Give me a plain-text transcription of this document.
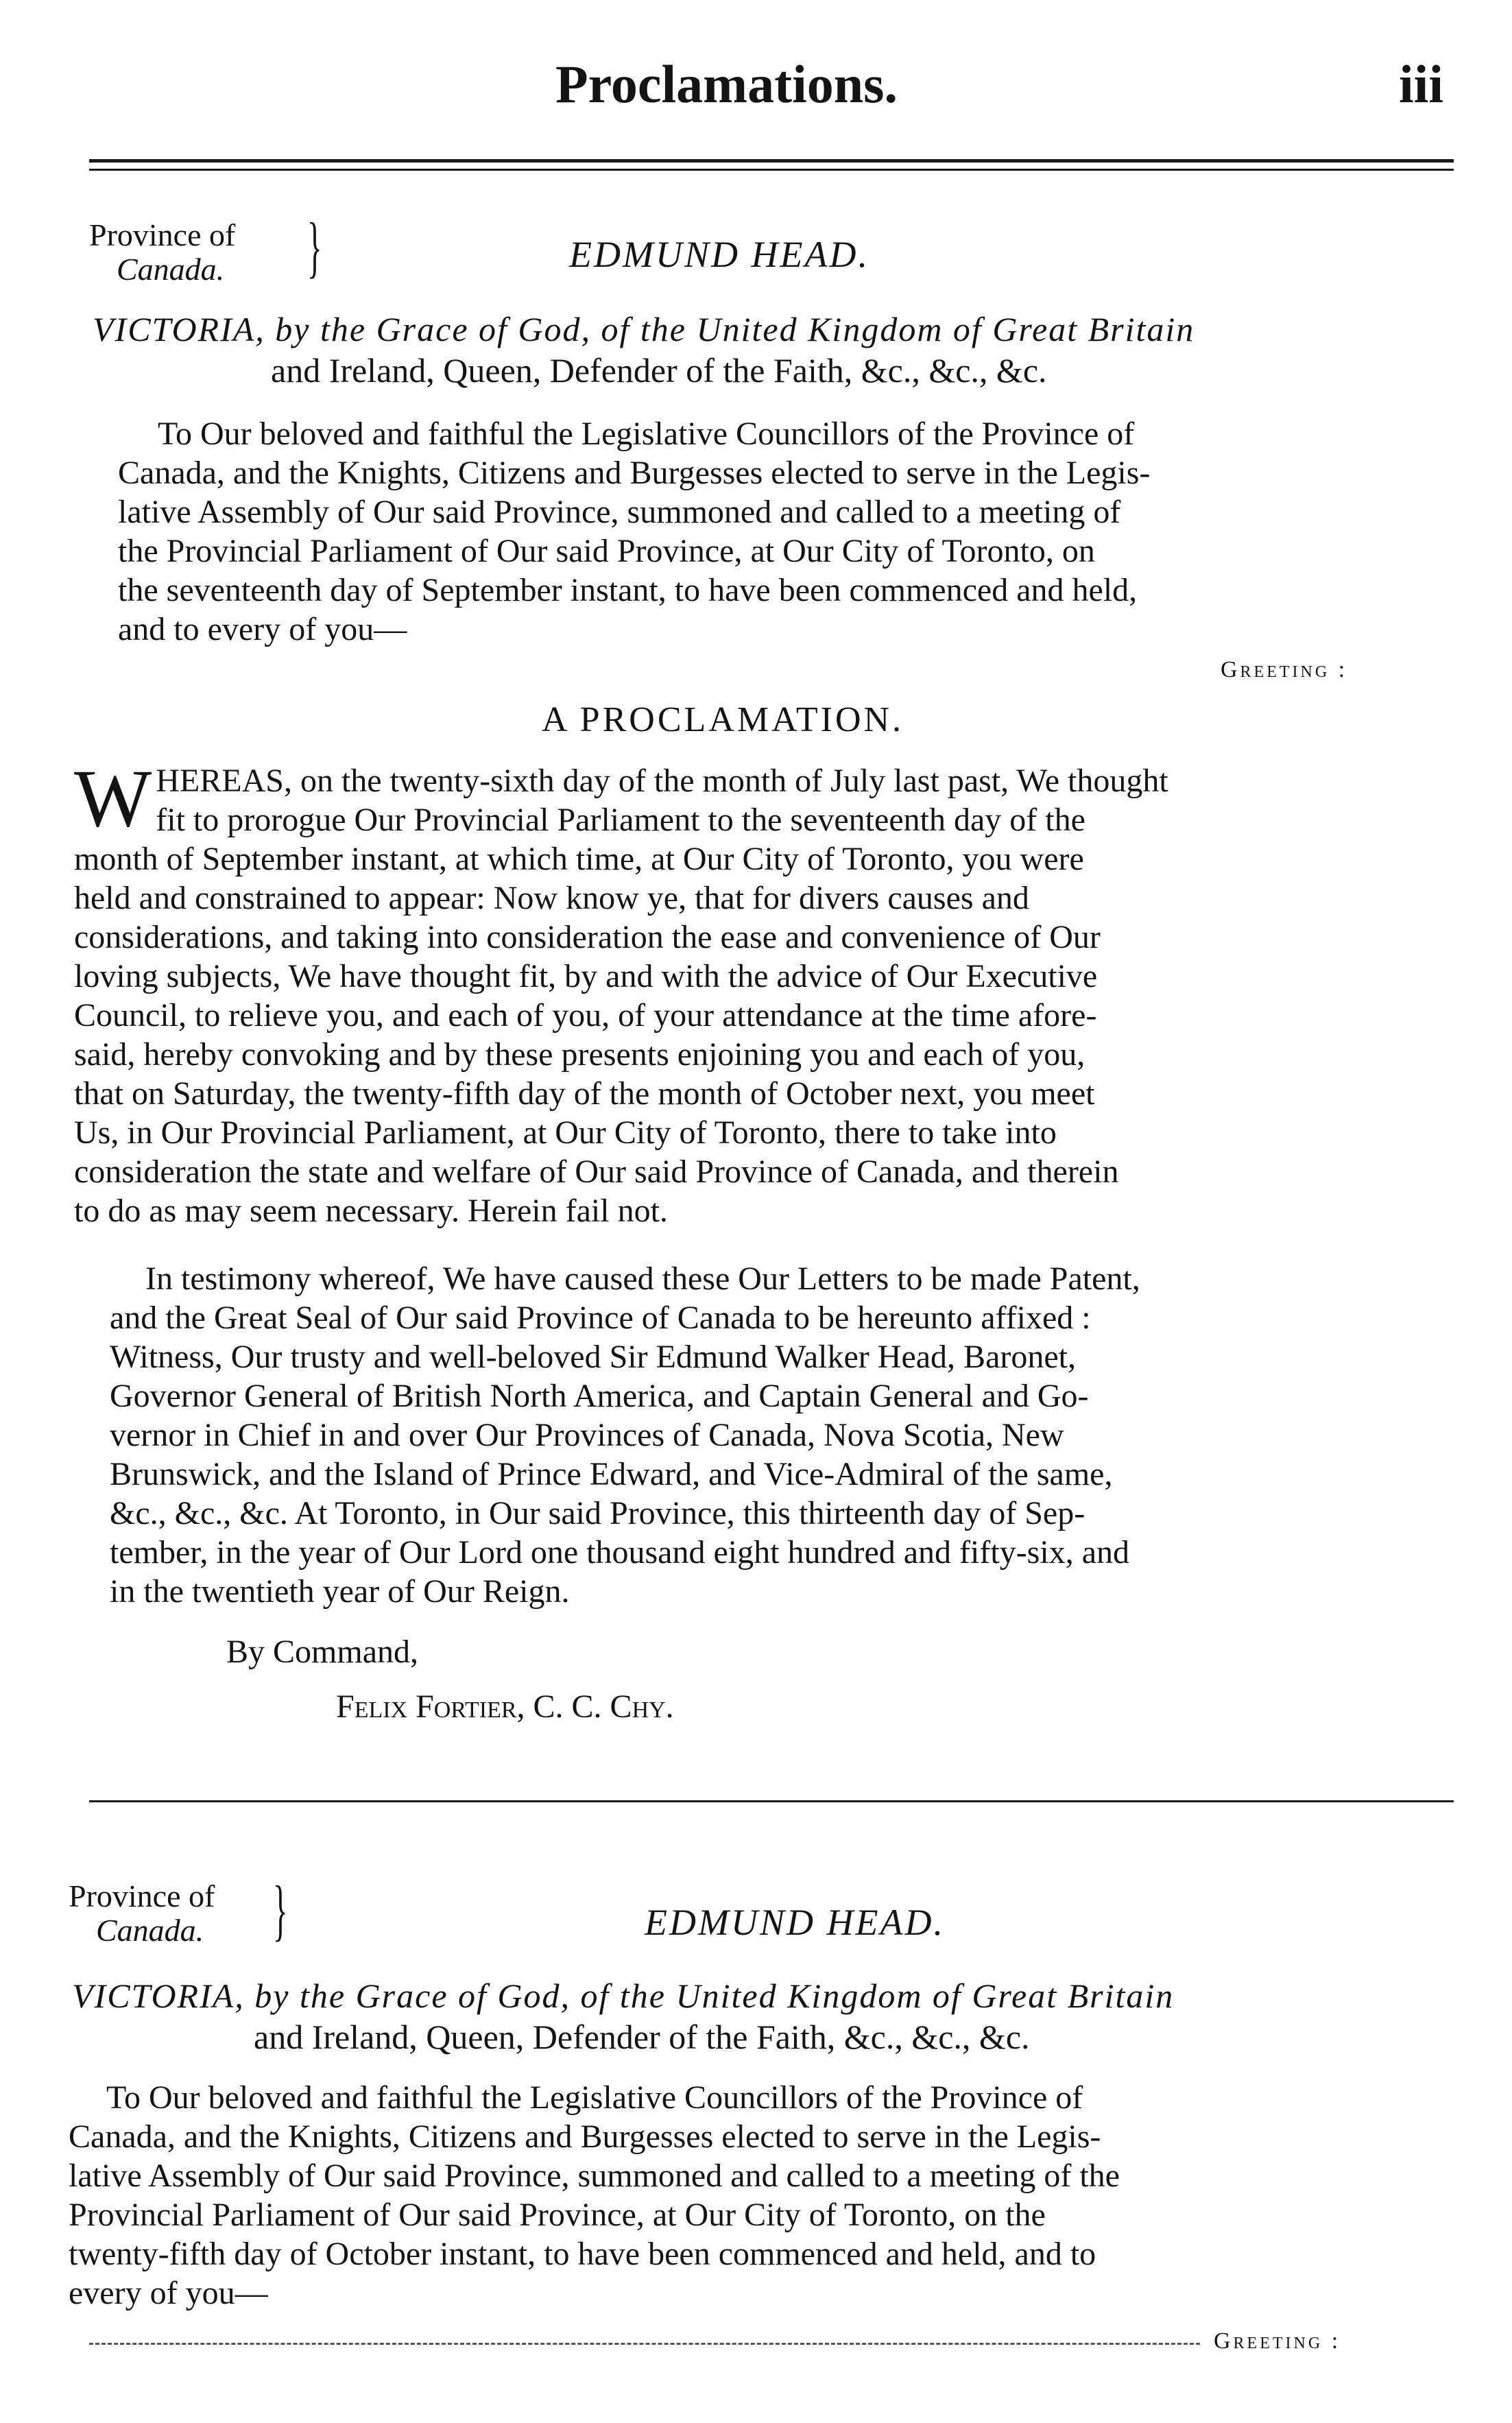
Proclamations.	iii
Province of
Canada. }	EDMUND HEAD.
VICTORIA, by the Grace of God, of the United Kingdom of Great Britain
and Ireland, Queen, Defender of the Faith, &c., &c., &c.
To Our beloved and faithful the Legislative Councillors of the Province of
Canada, and the Knights, Citizens and Burgesses elected to serve in the Legis-
lative Assembly of Our said Province, summoned and called to a meeting of
the Provincial Parliament of Our said Province, at Our City of Toronto, on
the seventeenth day of September instant, to have been commenced and held,
and to every of you—
Greeting :
A PROCLAMATION.
W HEREAS, on the twenty-sixth day of the month of July last past, We thought
fit to prorogue Our Provincial Parliament to the seventeenth day of the
month of September instant, at which time, at Our City of Toronto, you were
held and constrained to appear: Now know ye, that for divers causes and
considerations, and taking into consideration the ease and convenience of Our
loving subjects, We have thought fit, by and with the advice of Our Executive
Council, to relieve you, and each of you, of your attendance at the time afore-
said, hereby convoking and by these presents enjoining you and each of you,
that on Saturday, the twenty-fifth day of the month of October next, you meet
Us, in Our Provincial Parliament, at Our City of Toronto, there to take into
consideration the state and welfare of Our said Province of Canada, and therein
to do as may seem necessary. Herein fail not.
In testimony whereof, We have caused these Our Letters to be made Patent,
and the Great Seal of Our said Province of Canada to be hereunto affixed :
Witness, Our trusty and well-beloved Sir Edmund Walker Head, Baronet,
Governor General of British North America, and Captain General and Go-
vernor in Chief in and over Our Provinces of Canada, Nova Scotia, New
Brunswick, and the Island of Prince Edward, and Vice-Admiral of the same,
&c., &c., &c. At Toronto, in Our said Province, this thirteenth day of Sep-
tember, in the year of Our Lord one thousand eight hundred and fifty-six, and
in the twentieth year of Our Reign.
By Command,
Felix Fortier, C. C. Chy.
Province of
Canada. }	EDMUND HEAD.
VICTORIA, by the Grace of God, of the United Kingdom of Great Britain
and Ireland, Queen, Defender of the Faith, &c., &c., &c.
To Our beloved and faithful the Legislative Councillors of the Province of
Canada, and the Knights, Citizens and Burgesses elected to serve in the Legis-
lative Assembly of Our said Province, summoned and called to a meeting of the
Provincial Parliament of Our said Province, at Our City of Toronto, on the
twenty-fifth day of October instant, to have been commenced and held, and to
every of you—
Greeting :
